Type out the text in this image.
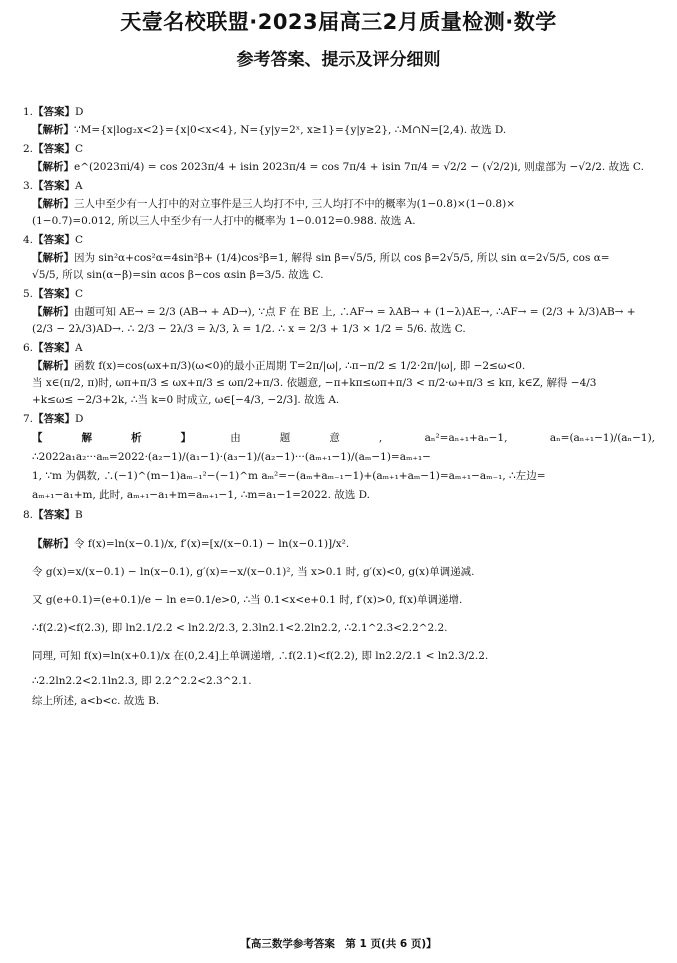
天壹名校联盟·2023届高三2月质量检测·数学
参考答案、提示及评分细则
1.【答案】D
【解析】∵M={x|log₂x<2}={x|0<x<4}, N={y|y=2ˣ, x≥1}={y|y≥2}, ∴M∩N=[2,4). 故选 D.
2.【答案】C
【解析】e^(2023πi/4) = cos 2023π/4 + isin 2023π/4 = cos 7π/4 + isin 7π/4 = √2/2 − (√2/2)i, 则虚部为 −√2/2. 故选 C.
3.【答案】A
【解析】三人中至少有一人打中的对立事件是三人均打不中, 三人均打不中的概率为(1−0.8)×(1−0.8)×
(1−0.7)=0.012, 所以三人中至少有一人打中的概率为 1−0.012=0.988. 故选 A.
4.【答案】C
【解析】因为 sin²α+cos²α=4sin²β+ (1/4)cos²β=1, 解得 sin β=√5/5, 所以 cos β=2√5/5, 所以 sin α=2√5/5, cos α=
√5/5, 所以 sin(α−β)=sin αcos β−cos αsin β=3/5. 故选 C.
5.【答案】C
【解析】由题可知 AE→ = 2/3 (AB→ + AD→), ∵点 F 在 BE 上, ∴AF→ = λAB→ + (1−λ)AE→, ∴AF→ = (2/3 + λ/3)AB→ +
(2/3 − 2λ/3)AD→. ∴ 2/3 − 2λ/3 = λ/3, λ = 1/2. ∴ x = 2/3 + 1/3 × 1/2 = 5/6. 故选 C.
6.【答案】A
【解析】函数 f(x)=cos(ωx+π/3)(ω<0)的最小正周期 T=2π/|ω|, ∴π−π/2 ≤ 1/2·2π/|ω|, 即 −2≤ω<0.
当 x∈(π/2, π)时, ωπ+π/3 ≤ ωx+π/3 ≤ ωπ/2+π/3. 依题意, −π+kπ≤ωπ+π/3 < π/2·ω+π/3 ≤ kπ, k∈Z, 解得 −4/3
+k≤ω≤ −2/3+2k, ∴当 k=0 时成立, ω∈[−4/3, −2/3]. 故选 A.
7.【答案】D
【解析】由题意, aₙ²=aₙ₊₁+aₙ−1, aₙ=(aₙ₊₁−1)/(aₙ−1), ∴2022a₁a₂···aₘ=2022·(a₂−1)/(a₁−1)·(a₃−1)/(a₂−1)···(aₘ₊₁−1)/(aₘ−1)=aₘ₊₁−
1, ∵m 为偶数, ∴(−1)^(m−1)aₘ₋₁²−(−1)^m aₘ²=−(aₘ+aₘ₋₁−1)+(aₘ₊₁+aₘ−1)=aₘ₊₁−aₘ₋₁, ∴左边=
aₘ₊₁−a₁+m, 此时, aₘ₊₁−a₁+m=aₘ₊₁−1, ∴m=a₁−1=2022. 故选 D.
8.【答案】B
【解析】令 f(x)=ln(x−0.1)/x, f′(x)=[x/(x−0.1) − ln(x−0.1)]/x².
令 g(x)=x/(x−0.1) − ln(x−0.1), g′(x)=−x/(x−0.1)², 当 x>0.1 时, g′(x)<0, g(x)单调递减.
又 g(e+0.1)=(e+0.1)/e − ln e=0.1/e>0, ∴当 0.1<x<e+0.1 时, f′(x)>0, f(x)单调递增.
∴f(2.2)<f(2.3), 即 ln2.1/2.2 < ln2.2/2.3, 2.3ln2.1<2.2ln2.2, ∴2.1^2.3<2.2^2.2.
同理, 可知 f(x)=ln(x+0.1)/x 在(0,2.4]上单调递增, ∴f(2.1)<f(2.2), 即 ln2.2/2.1 < ln2.3/2.2.
∴2.2ln2.2<2.1ln2.3, 即 2.2^2.2<2.3^2.1.
综上所述, a<b<c. 故选 B.
【高三数学参考答案　第 1 页(共 6 页)】
